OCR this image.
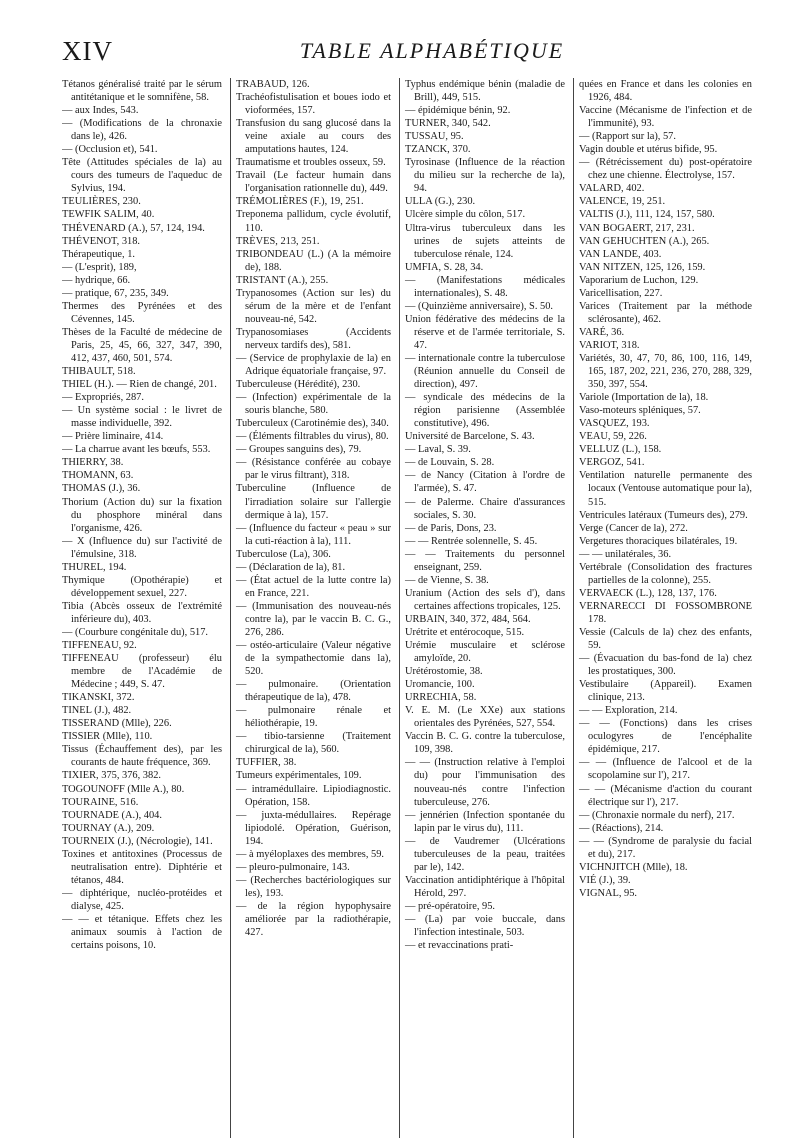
XIV	TABLE ALPHABÉTIQUE

Tétanos généralisé traité par le sérum antitétanique et le somnifène, 58.

— aux Indes, 543.

— (Modifications de la chronaxie dans le), 426.

— (Occlusion et), 541.

Tête (Attitudes spéciales de la) au cours des tumeurs de l'aqueduc de Sylvius, 194.

TEULIÈRES, 230.

TEWFIK SALIM, 40.

THÉVENARD (A.), 57, 124, 194.

THÉVENOT, 318.

Thérapeutique, 1.

— (L'esprit), 189,

— hydrique, 66.

— pratique, 67, 235, 349.

Thermes des Pyrénées et des Cévennes, 145.

Thèses de la Faculté de médecine de Paris, 25, 45, 66, 327, 347, 390, 412, 437, 460, 501, 574.

THIBAULT, 518.

THIEL (H.). — Rien de changé, 201.

— Expropriés, 287.

— Un système social : le livret de masse individuelle, 392.

— Prière liminaire, 414.

— La charrue avant les bœufs, 553.

THIERRY, 38.

THOMANN, 63.

THOMAS (J.), 36.

Thorium (Action du) sur la fixation du phosphore minéral dans l'organisme, 426.

— X (Influence du) sur l'activité de l'émulsine, 318.

THUREL, 194.

Thymique (Opothérapie) et développement sexuel, 227.

Tibia (Abcès osseux de l'extrémité inférieure du), 403.

— (Courbure congénitale du), 517.

TIFFENEAU, 92.

TIFFENEAU (professeur) élu membre de l'Académie de Médecine ; 449, S. 47.

TIKANSKI, 372.

TINEL (J.), 482.

TISSERAND (Mlle), 226.

TISSIER (Mlle), 110.

Tissus (Échauffement des), par les courants de haute fréquence, 369.

TIXIER, 375, 376, 382.

TOGOUNOFF (Mlle A.), 80.

TOURAINE, 516.

TOURNADE (A.), 404.

TOURNAY (A.), 209.

TOURNEIX (J.), (Nécrologie), 141.

Toxines et antitoxines (Processus de neutralisation entre). Diphtérie et tétanos, 484.

— diphtérique, nucléo-protéides et dialyse, 425.

— — et tétanique. Effets chez les animaux soumis à l'action de certains poisons, 10.

TRABAUD, 126.

Trachéofistulisation et boues iodo et vioformées, 157.

Transfusion du sang glucosé dans la veine axiale au cours des amputations hautes, 124.

Traumatisme et troubles osseux, 59.

Travail (Le facteur humain dans l'organisation rationnelle du), 449.

TRÉMOLIÈRES (F.), 19, 251.

Treponema pallidum, cycle évolutif, 110.

TRÈVES, 213, 251.

TRIBONDEAU (L.) (A la mémoire de), 188.

TRISTANT (A.), 255.

Trypanosomes (Action sur les) du sérum de la mère et de l'enfant nouveau-né, 542.

Trypanosomiases (Accidents nerveux tardifs des), 581.

— (Service de prophylaxie de la) en Adrique équatoriale française, 97.

Tuberculeuse (Hérédité), 230.

— (Infection) expérimentale de la souris blanche, 580.

Tuberculeux (Carotinémie des), 340.

— (Éléments filtrables du virus), 80.

— Groupes sanguins des), 79.

— (Résistance conférée au cobaye par le virus filtrant), 318.

Tuberculine (Influence de l'irradiation solaire sur l'allergie dermique à la), 157.

— (Influence du facteur « peau » sur la cuti-réaction à la), 111.

Tuberculose (La), 306.

— (Déclaration de la), 81.

— (État actuel de la lutte contre la) en France, 221.

— (Immunisation des nouveau-nés contre la), par le vaccin B. C. G., 276, 286.

— ostéo-articulaire (Valeur négative de la sympathectomie dans la), 520.

— pulmonaire. (Orientation thérapeutique de la), 478.

— pulmonaire rénale et héliothérapie, 19.

— tibio-tarsienne (Traitement chirurgical de la), 560.

TUFFIER, 38.

Tumeurs expérimentales, 109.

— intramédullaire. Lipiodiagnostic. Opération, 158.

— juxta-médullaires. Repérage lipiodolé. Opération, Guérison, 194.

— à myéloplaxes des membres, 59.

— pleuro-pulmonaire, 143.

— (Recherches bactériologiques sur les), 193.

— de la région hypophysaire améliorée par la radiothérapie, 427.

Typhus endémique bénin (maladie de Brill), 449, 515.

— épidémique bénin, 92.

TURNER, 340, 542.

TUSSAU, 95.

TZANCK, 370.

Tyrosinase (Influence de la réaction du milieu sur la recherche de la), 94.

ULLA (G.), 230.

Ulcère simple du côlon, 517.

Ultra-virus tuberculeux dans les urines de sujets atteints de tuberculose rénale, 124.

UMFIA, S. 28, 34.

— (Manifestations médicales internationales), S. 48.

— (Quinzième anniversaire), S. 50.

Union fédérative des médecins de la réserve et de l'armée territoriale, S. 47.

— internationale contre la tuberculose (Réunion annuelle du Conseil de direction), 497.

— syndicale des médecins de la région parisienne (Assemblée constitutive), 496.

Université de Barcelone, S. 43.

— Laval, S. 39.

— de Louvain, S. 28.

— de Nancy (Citation à l'ordre de l'armée), S. 47.

— de Palerme. Chaire d'assurances sociales, S. 30.

— de Paris, Dons, 23.

— — Rentrée solennelle, S. 45.

— — Traitements du personnel enseignant, 259.

— de Vienne, S. 38.

Uranium (Action des sels d'), dans certaines affections tropicales, 125.

URBAIN, 340, 372, 484, 564.

Urétrite et entérocoque, 515.

Urémie musculaire et sclérose amyloïde, 20.

Urétérostomie, 38.

Uromancie, 100.

URRECHIA, 58.

V. E. M. (Le XXe) aux stations orientales des Pyrénées, 527, 554.

Vaccin B. C. G. contre la tuberculose, 109, 398.

— — (Instruction relative à l'emploi du) pour l'immunisation des nouveau-nés contre l'infection tuberculeuse, 276.

— jennérien (Infection spontanée du lapin par le virus du), 111.

— de Vaudremer (Ulcérations tuberculeuses de la peau, traitées par le), 142.

Vaccination antidiphtérique à l'hôpital Hérold, 297.

— pré-opératoire, 95.

— (La) par voie buccale, dans l'infection intestinale, 503.

— et revaccinations prati-

quées en France et dans les colonies en 1926, 484.

Vaccine (Mécanisme de l'infection et de l'immunité), 93.

— (Rapport sur la), 57.

Vagin double et utérus bifide, 95.

— (Rétrécissement du) post-opératoire chez une chienne. Électrolyse, 157.

VALARD, 402.

VALENCE, 19, 251.

VALTIS (J.), 111, 124, 157, 580.

VAN BOGAERT, 217, 231.

VAN GEHUCHTEN (A.), 265.

VAN LANDE, 403.

VAN NITZEN, 125, 126, 159.

Vaporarium de Luchon, 129.

Varicellisation, 227.

Varices (Traitement par la méthode sclérosante), 462.

VARÉ, 36.

VARIOT, 318.

Variétés, 30, 47, 70, 86, 100, 116, 149, 165, 187, 202, 221, 236, 270, 288, 329, 350, 397, 554.

Variole (Importation de la), 18.

Vaso-moteurs spléniques, 57.

VASQUEZ, 193.

VEAU, 59, 226.

VELLUZ (L.), 158.

VERGOZ, 541.

Ventilation naturelle permanente des locaux (Ventouse automatique pour la), 515.

Ventricules latéraux (Tumeurs des), 279.

Verge (Cancer de la), 272.

Vergetures thoraciques bilatérales, 19.

— — unilatérales, 36.

Vertébrale (Consolidation des fractures partielles de la colonne), 255.

VERVAECK (L.), 128, 137, 176.

VERNARECCI DI FOSSOMBRONE 178.

Vessie (Calculs de la) chez des enfants, 59.

— (Évacuation du bas-fond de la) chez les prostatiques, 300.

Vestibulaire (Appareil). Examen clinique, 213.

— — Exploration, 214.

— — (Fonctions) dans les crises oculogyres de l'encéphalite épidémique, 217.

— — (Influence de l'alcool et de la scopolamine sur l'), 217.

— — (Mécanisme d'action du courant électrique sur l'), 217.

— (Chronaxie normale du nerf), 217.

— (Réactions), 214.

— — (Syndrome de paralysie du facial et du), 217.

VICHNJITCH (Mlle), 18.

VIÉ (J.), 39.

VIGNAL, 95.
